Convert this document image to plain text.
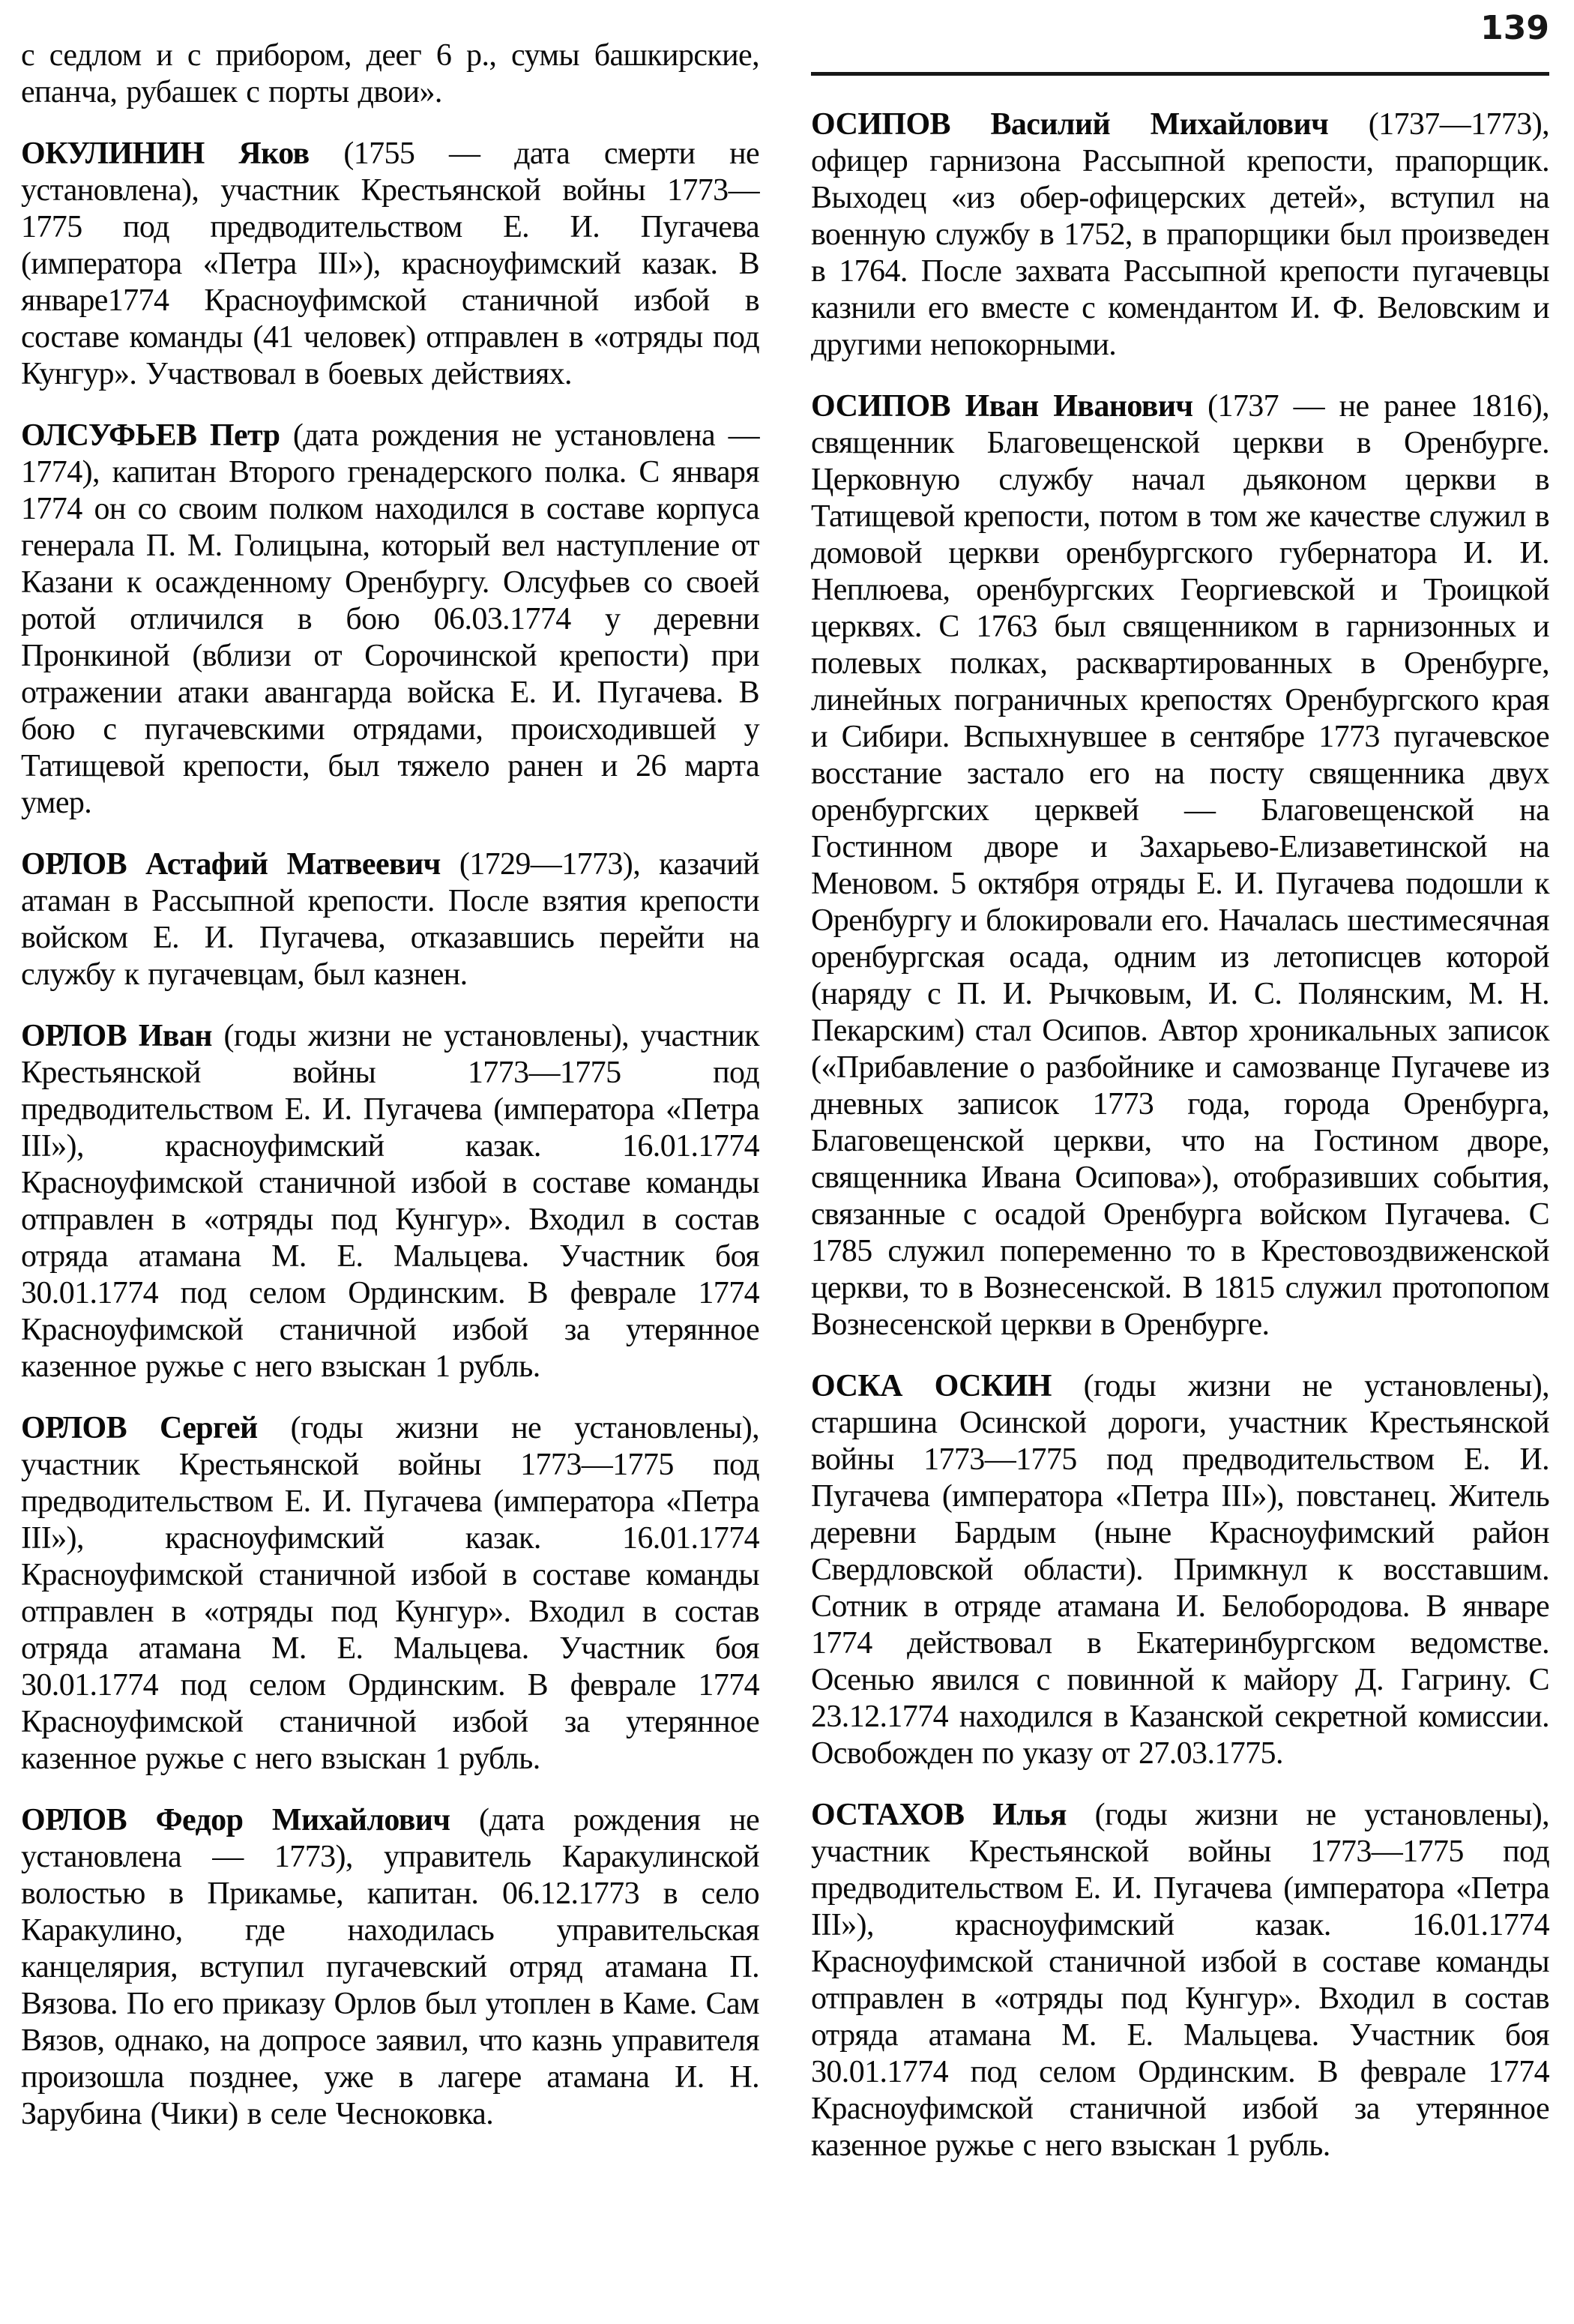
139

с седлом и с прибором, деег 6 р., сумы башкирские, епанча, рубашек с порты двои».

ОКУЛИНИН Яков (1755 — дата смерти не установлена), участник Крестьянской войны 1773—1775 под предводительством Е. И. Пугачева (императора «Петра III»), красноуфимский казак. В январе1774 Красноуфимской станичной избой в составе команды (41 человек) отправлен в «отряды под Кунгур». Участвовал в боевых действиях.

ОЛСУФЬЕВ Петр (дата рождения не установлена — 1774), капитан Второго гренадерского полка. С января 1774 он со своим полком находился в составе корпуса генерала П. М. Голицына, который вел наступление от Казани к осажденному Оренбургу. Олсуфьев со своей ротой отличился в бою 06.03.1774 у деревни Пронкиной (вблизи от Сорочинской крепости) при отражении атаки авангарда войска Е. И. Пугачева. В бою с пугачевскими отрядами, происходившей у Татищевой крепости, был тяжело ранен и 26 марта умер.

ОРЛОВ Астафий Матвеевич (1729—1773), казачий атаман в Рассыпной крепости. После взятия крепости войском Е. И. Пугачева, отказавшись перейти на службу к пугачевцам, был казнен.

ОРЛОВ Иван (годы жизни не установлены), участник Крестьянской войны 1773—1775 под предводительством Е. И. Пугачева (императора «Петра III»), красноуфимский казак. 16.01.1774 Красноуфимской станичной избой в составе команды отправлен в «отряды под Кунгур». Входил в состав отряда атамана М. Е. Мальцева. Участник боя 30.01.1774 под селом Ординским. В феврале 1774 Красноуфимской станичной избой за утерянное казенное ружье с него взыскан 1 рубль.

ОРЛОВ Сергей (годы жизни не установлены), участник Крестьянской войны 1773—1775 под предводительством Е. И. Пугачева (императора «Петра III»), красноуфимский казак. 16.01.1774 Красноуфимской станичной избой в составе команды отправлен в «отряды под Кунгур». Входил в состав отряда атамана М. Е. Мальцева. Участник боя 30.01.1774 под селом Ординским. В феврале 1774 Красноуфимской станичной избой за утерянное казенное ружье с него взыскан 1 рубль.

ОРЛОВ Федор Михайлович (дата рождения не установлена — 1773), управитель Каракулинской волостью в Прикамье, капитан. 06.12.1773 в село Каракулино, где находилась управительская канцелярия, вступил пугачевский отряд атамана П. Вязова. По его приказу Орлов был утоплен в Каме. Сам Вязов, однако, на допросе заявил, что казнь управителя произошла позднее, уже в лагере атамана И. Н. Зарубина (Чики) в селе Чесноковка.

ОСИПОВ Василий Михайлович (1737—1773), офицер гарнизона Рассыпной крепости, прапорщик. Выходец «из обер-офицерских детей», вступил на военную службу в 1752, в прапорщики был произведен в 1764. После захвата Рассыпной крепости пугачевцы казнили его вместе с комендантом И. Ф. Веловским и другими непокорными.

ОСИПОВ Иван Иванович (1737 — не ранее 1816), священник Благовещенской церкви в Оренбурге. Церковную службу начал дьяконом церкви в Татищевой крепости, потом в том же качестве служил в домовой церкви оренбургского губернатора И. И. Неплюева, оренбургских Георгиевской и Троицкой церквях. С 1763 был священником в гарнизонных и полевых полках, расквартированных в Оренбурге, линейных пограничных крепостях Оренбургского края и Сибири. Вспыхнувшее в сентябре 1773 пугачевское восстание застало его на посту священника двух оренбургских церквей — Благовещенской на Гостинном дворе и Захарьево-Елизаветинской на Меновом. 5 октября отряды Е. И. Пугачева подошли к Оренбургу и блокировали его. Началась шестимесячная оренбургская осада, одним из летописцев которой (наряду с П. И. Рычковым, И. С. Полянским, М. Н. Пекарским) стал Осипов. Автор хроникальных записок («Прибавление о разбойнике и самозванце Пугачеве из дневных записок 1773 года, города Оренбурга, Благовещенской церкви, что на Гостином дворе, священника Ивана Осипова»), отобразивших события, связанные с осадой Оренбурга войском Пугачева. С 1785 служил попеременно то в Крестовоздвиженской церкви, то в Вознесенской. В 1815 служил протопопом Вознесенской церкви в Оренбурге.

ОСКА ОСКИН (годы жизни не установлены), старшина Осинской дороги, участник Крестьянской войны 1773—1775 под предводительством Е. И. Пугачева (императора «Петра III»), повстанец. Житель деревни Бардым (ныне Красноуфимский район Свердловской области). Примкнул к восставшим. Сотник в отряде атамана И. Белобородова. В январе 1774 действовал в Екатеринбургском ведомстве. Осенью явился с повинной к майору Д. Гагрину. С 23.12.1774 находился в Казанской секретной комиссии. Освобожден по указу от 27.03.1775.

ОСТАХОВ Илья (годы жизни не установлены), участник Крестьянской войны 1773—1775 под предводительством Е. И. Пугачева (императора «Петра III»), красноуфимский казак. 16.01.1774 Красноуфимской станичной избой в составе команды отправлен в «отряды под Кунгур». Входил в состав отряда атамана М. Е. Мальцева. Участник боя 30.01.1774 под селом Ординским. В феврале 1774 Красноуфимской станичной избой за утерянное казенное ружье с него взыскан 1 рубль.
